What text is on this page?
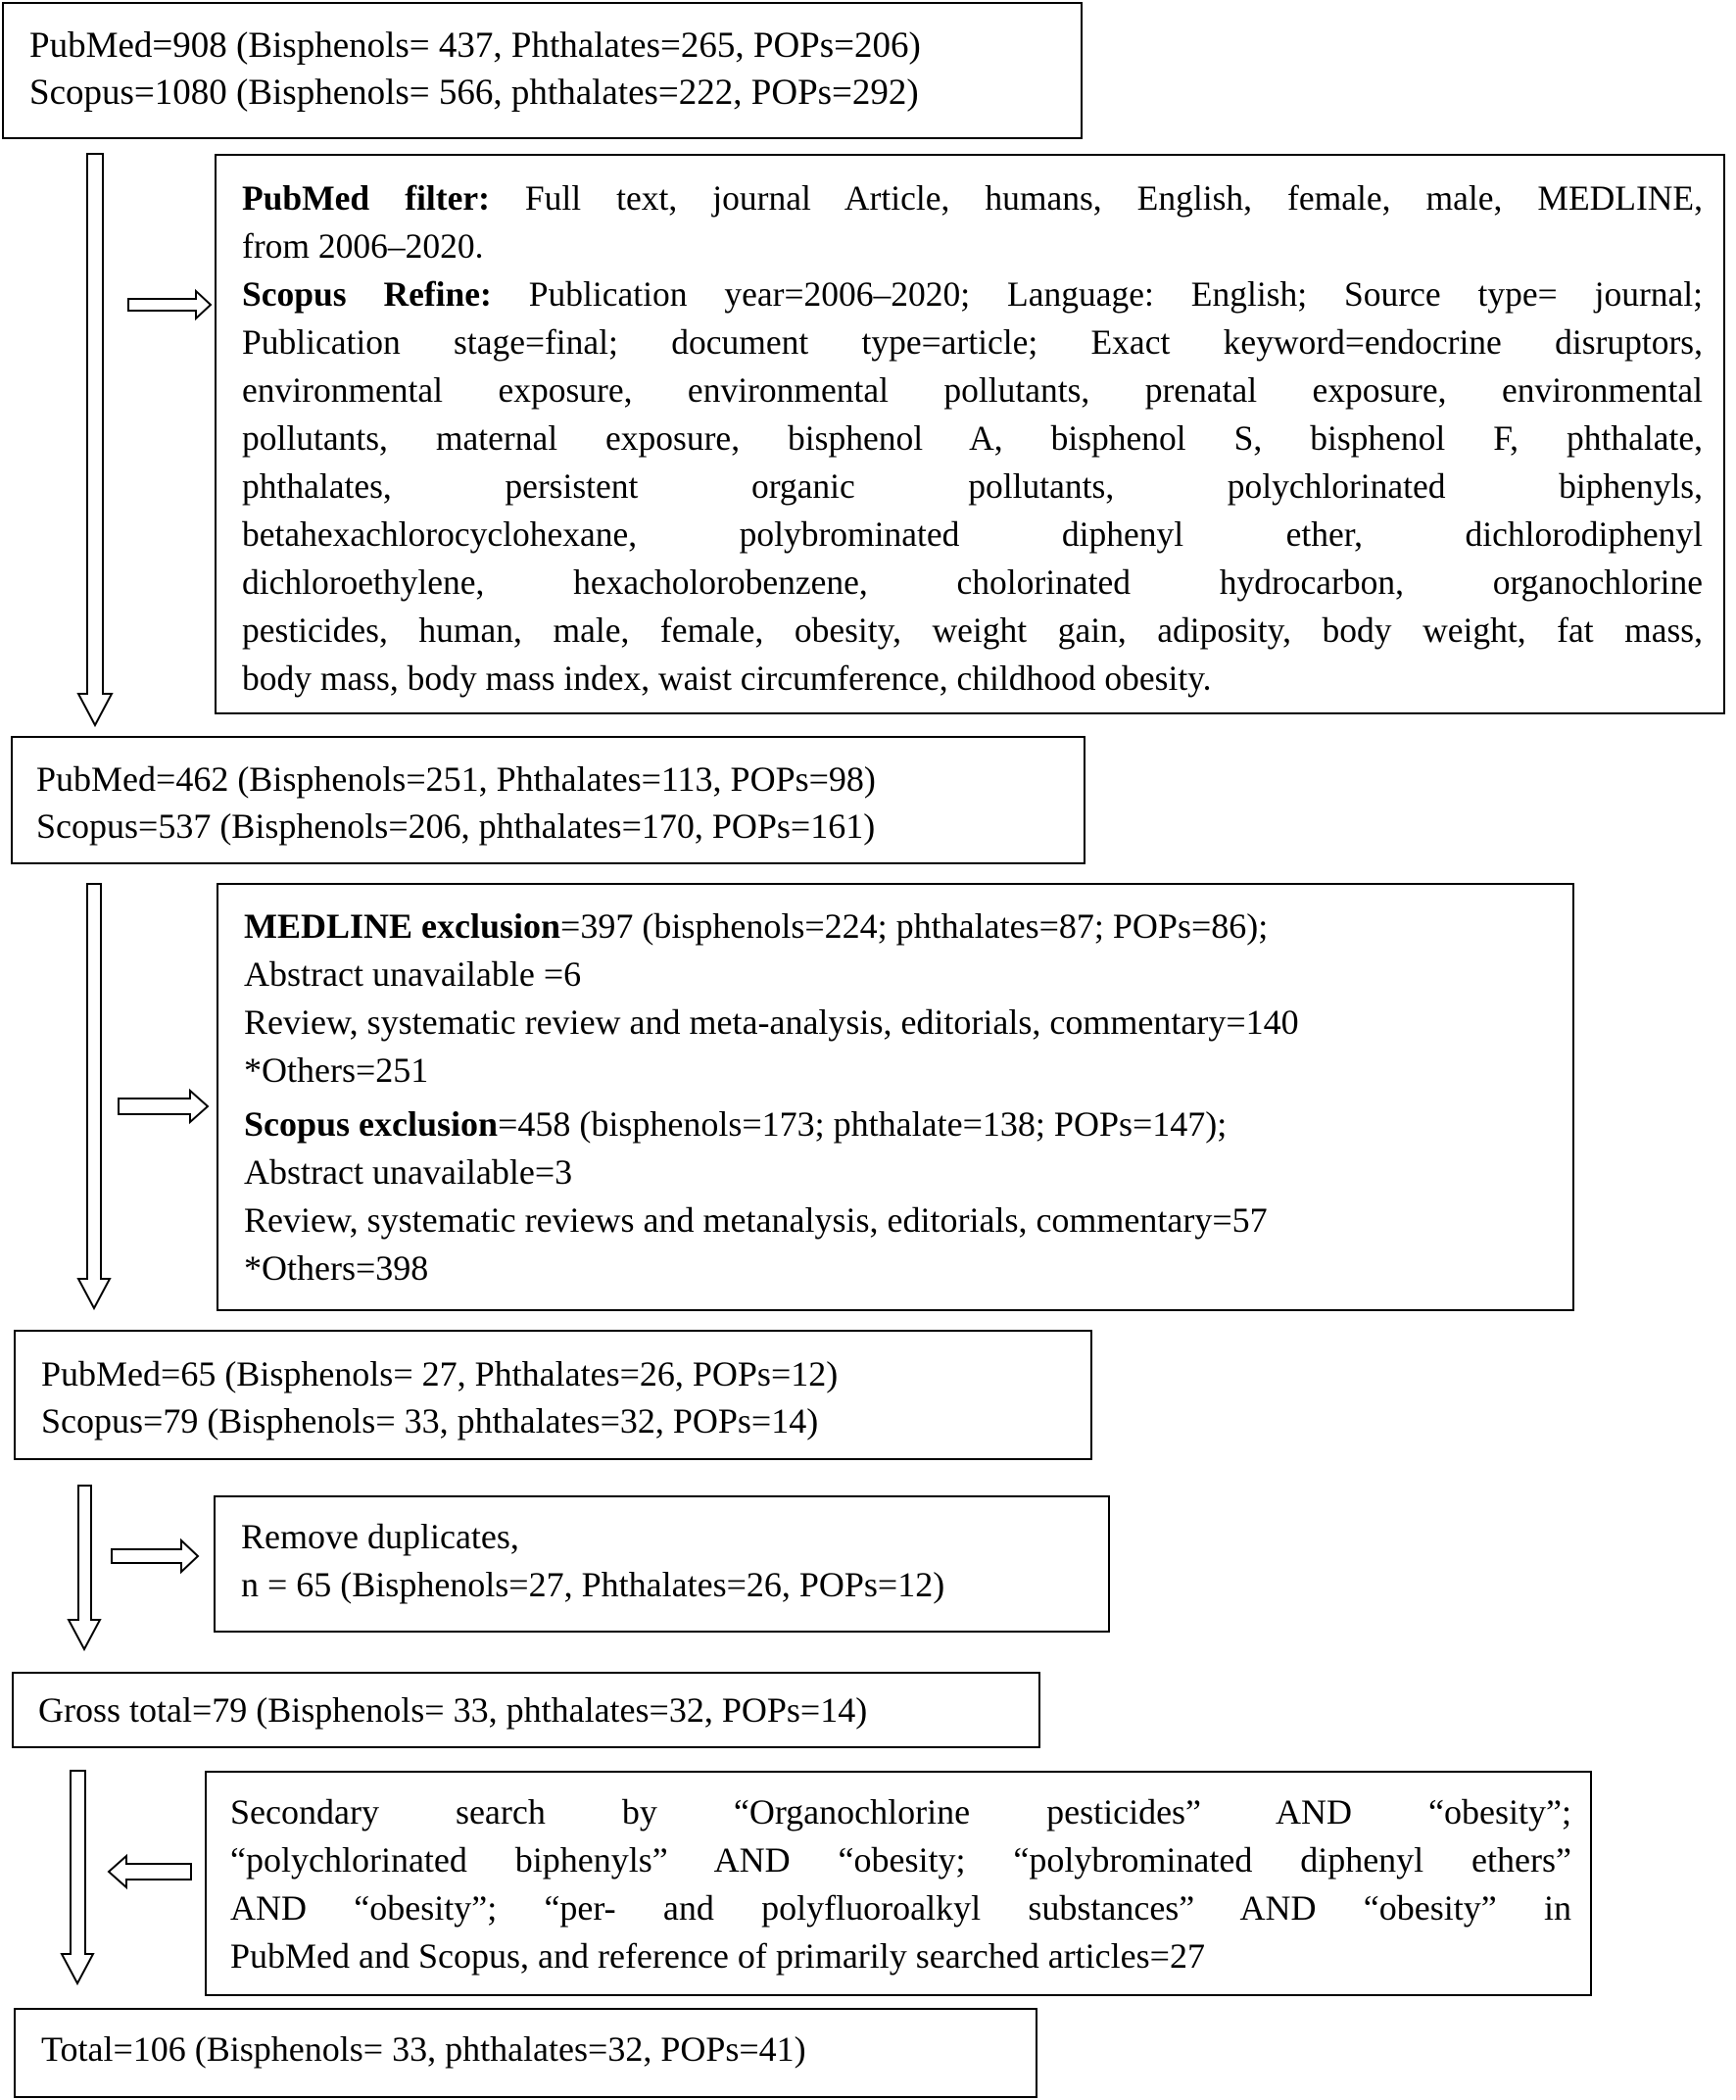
PubMed=908 (Bisphenols= 437, Phthalates=265, POPs=206)
Scopus=1080 (Bisphenols= 566, phthalates=222, POPs=292)
PubMed filter: Full text, journal Article, humans, English, female, male, MEDLINE,
from 2006–2020.
Scopus Refine: Publication year=2006–2020; Language: English; Source type= journal;
Publication stage=final; document type=article; Exact keyword=endocrine disruptors,
environmental exposure, environmental pollutants, prenatal exposure, environmental
pollutants, maternal exposure, bisphenol A, bisphenol S, bisphenol F, phthalate,
phthalates, persistent organic pollutants, polychlorinated biphenyls,
betahexachlorocyclohexane, polybrominated diphenyl ether, dichlorodiphenyl
dichloroethylene, hexacholorobenzene, cholorinated hydrocarbon, organochlorine
pesticides, human, male, female, obesity, weight gain, adiposity, body weight, fat mass,
body mass, body mass index, waist circumference, childhood obesity.
PubMed=462 (Bisphenols=251, Phthalates=113, POPs=98)
Scopus=537 (Bisphenols=206, phthalates=170, POPs=161)
MEDLINE exclusion=397 (bisphenols=224; phthalates=87; POPs=86);
Abstract unavailable =6
Review, systematic review and meta-analysis, editorials, commentary=140
*Others=251
Scopus exclusion=458 (bisphenols=173; phthalate=138; POPs=147);
Abstract unavailable=3
Review, systematic reviews and metanalysis, editorials, commentary=57
*Others=398
PubMed=65 (Bisphenols= 27, Phthalates=26, POPs=12)
Scopus=79 (Bisphenols= 33, phthalates=32, POPs=14)
Remove duplicates,
n = 65 (Bisphenols=27, Phthalates=26, POPs=12)
Gross total=79 (Bisphenols= 33, phthalates=32, POPs=14)
Secondary search by “Organochlorine pesticides” AND “obesity”;
“polychlorinated biphenyls” AND “obesity; “polybrominated diphenyl ethers”
AND “obesity”; “per- and polyfluoroalkyl substances” AND “obesity” in
PubMed and Scopus, and reference of primarily searched articles=27
Total=106 (Bisphenols= 33, phthalates=32, POPs=41)
